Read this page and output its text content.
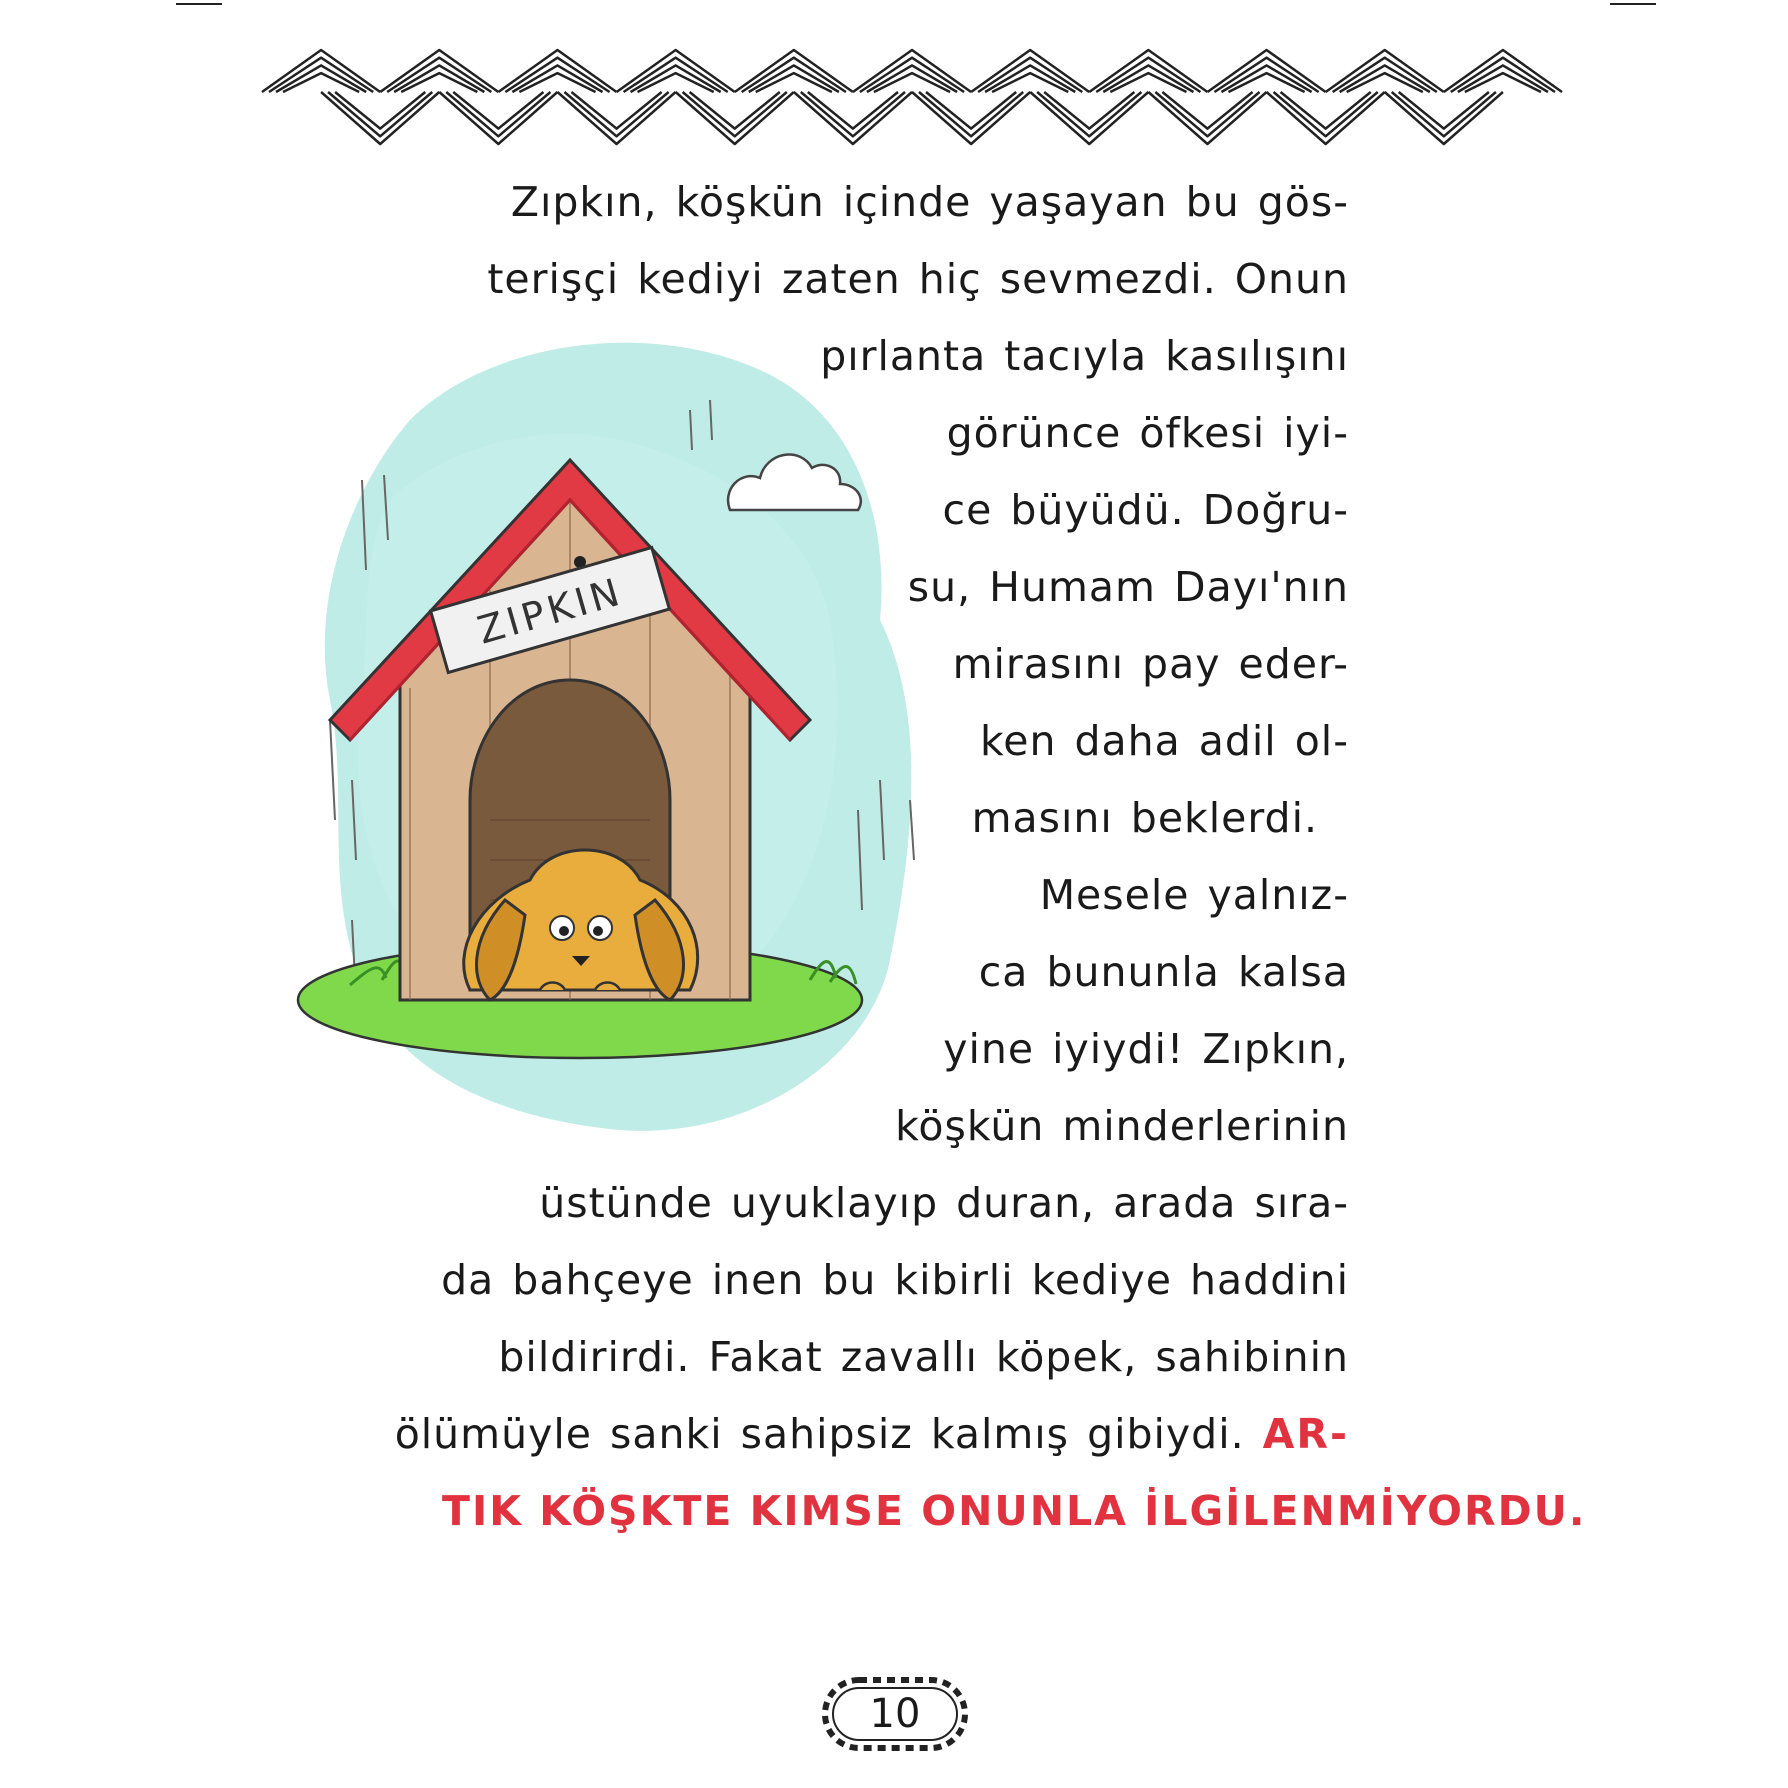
ZIPKIN
Zıpkın, köşkün içinde yaşayan bu gös-
terişçi kediyi zaten hiç sevmezdi. Onun
pırlanta tacıyla kasılışını
görünce öfkesi iyi-
ce büyüdü. Doğru-
su, Humam Dayı'nın
mirasını pay eder-
ken daha adil ol-
masını beklerdi.
Mesele yalnız-
ca bununla kalsa
yine iyiydi! Zıpkın,
köşkün minderlerinin
üstünde uyuklayıp duran, arada sıra-
da bahçeye inen bu kibirli kediye haddini
bildirirdi. Fakat zavallı köpek, sahibinin
ölümüyle sanki sahipsiz kalmış gibiydi. AR-
TIK KÖŞKTE KIMSE ONUNLA İLGİLENMİYORDU.
10
